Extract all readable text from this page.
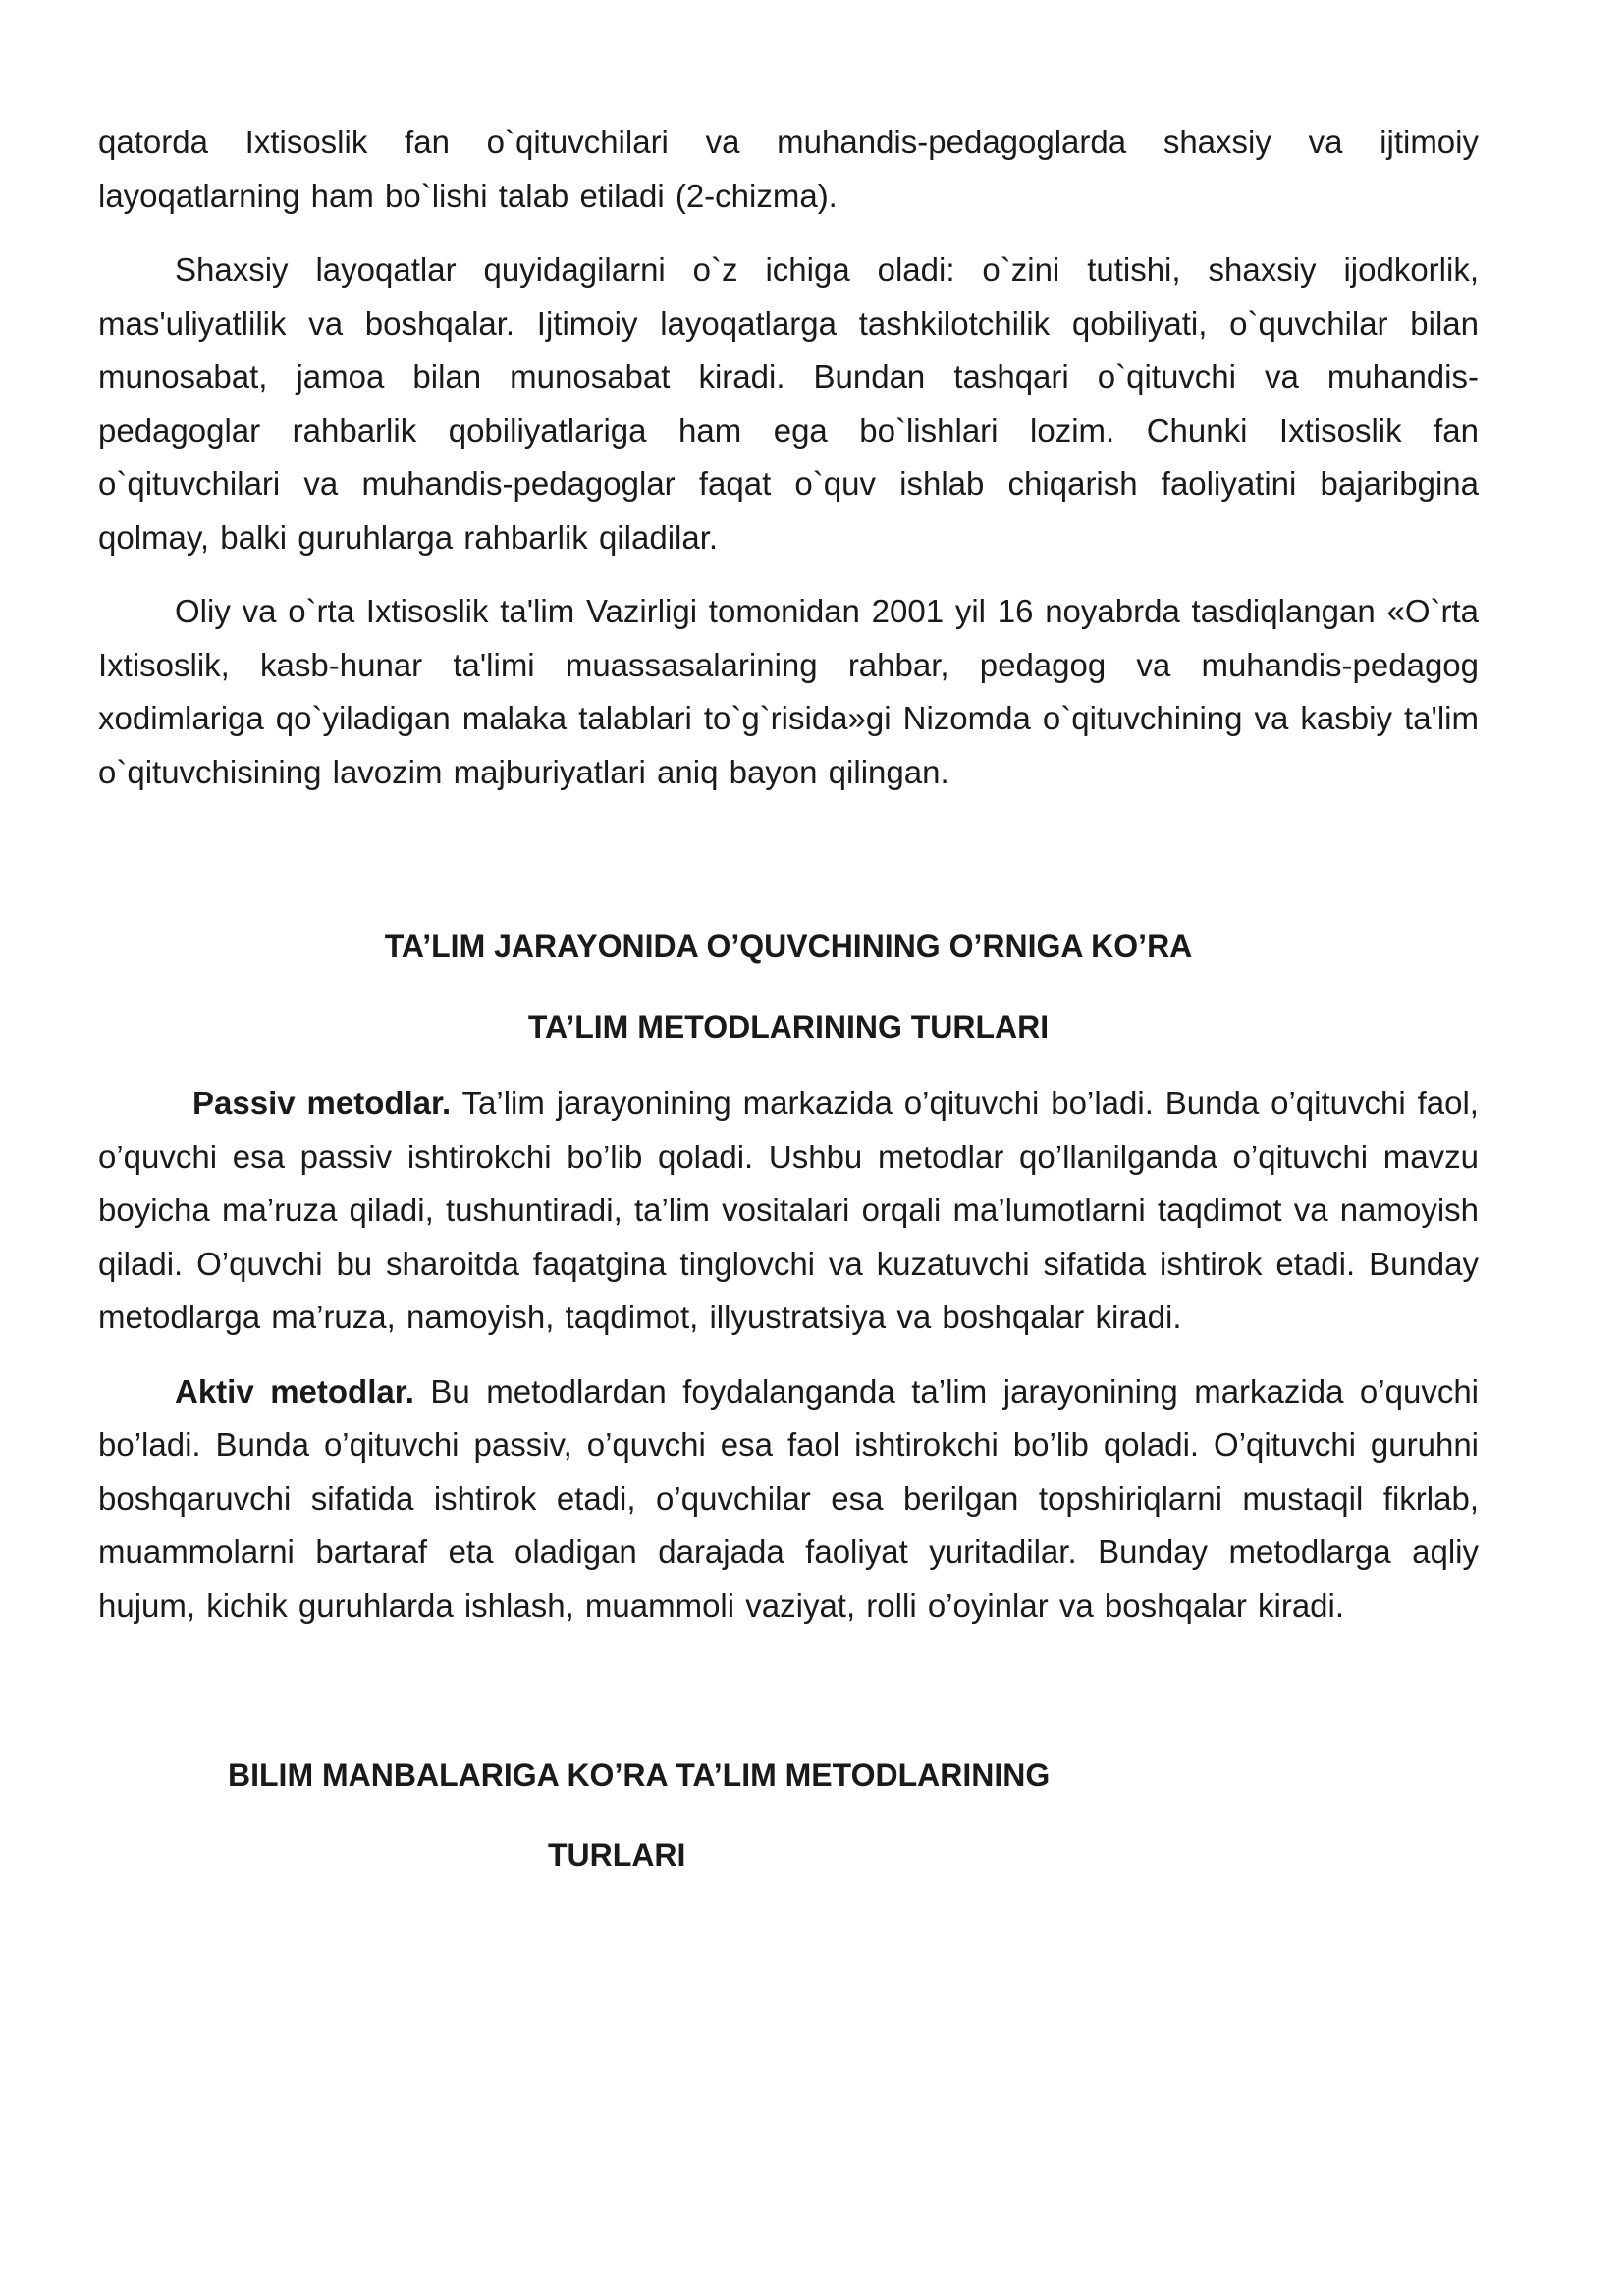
qatorda Ixtisoslik fan o`qituvchilari va muhandis-pedagoglarda shaxsiy va ijtimoiy layoqatlarning ham bo`lishi talab etiladi (2-chizma).

Shaxsiy layoqatlar quyidagilarni o`z ichiga oladi: o`zini tutishi, shaxsiy ijodkorlik, mas'uliyatlilik va boshqalar. Ijtimoiy layoqatlarga tashkilotchilik qobiliyati, o`quvchilar bilan munosabat, jamoa bilan munosabat kiradi. Bundan tashqari o`qituvchi va muhandis- pedagoglar rahbarlik qobiliyatlariga ham ega bo`lishlari lozim. Chunki Ixtisoslik fan o`qituvchilari va muhandis-pedagoglar faqat o`quv ishlab chiqarish faoliyatini bajaribgina qolmay, balki guruhlarga rahbarlik qiladilar.

Oliy va o`rta Ixtisoslik ta'lim Vazirligi tomonidan 2001 yil 16 noyabrda tasdiqlangan «O`rta Ixtisoslik, kasb-hunar ta'limi muassasalarining rahbar, pedagog va muhandis-pedagog xodimlariga qo`yiladigan malaka talablari to`g`risida»gi Nizomda o`qituvchining va kasbiy ta'lim o`qituvchisining lavozim majburiyatlari aniq bayon qilingan.

TA’LIM JARAYONIDA O’QUVCHINING O’RNIGA KO’RA
TA’LIM METODLARINING TURLARI

Passiv metodlar. Ta’lim jarayonining markazida o’qituvchi bo’ladi. Bunda o’qituvchi faol, o’quvchi esa passiv ishtirokchi bo’lib qoladi. Ushbu metodlar qo’llanilganda o’qituvchi mavzu boyicha ma’ruza qiladi, tushuntiradi, ta’lim vositalari orqali ma’lumotlarni taqdimot va namoyish qiladi. O’quvchi bu sharoitda faqatgina tinglovchi va kuzatuvchi sifatida ishtirok etadi. Bunday metodlarga ma’ruza, namoyish, taqdimot, illyustratsiya va boshqalar kiradi.

Aktiv metodlar. Bu metodlardan foydalanganda ta’lim jarayonining markazida o’quvchi bo’ladi. Bunda o’qituvchi passiv, o’quvchi esa faol ishtirokchi bo’lib qoladi. O’qituvchi guruhni boshqaruvchi sifatida ishtirok etadi, o’quvchilar esa berilgan topshiriqlarni mustaqil fikrlab, muammolarni bartaraf eta oladigan darajada faoliyat yuritadilar. Bunday metodlarga aqliy hujum, kichik guruhlarda ishlash, muammoli vaziyat, rolli o’oyinlar va boshqalar kiradi.

BILIM MANBALARIGA KO’RA TA’LIM METODLARINING
TURLARI
